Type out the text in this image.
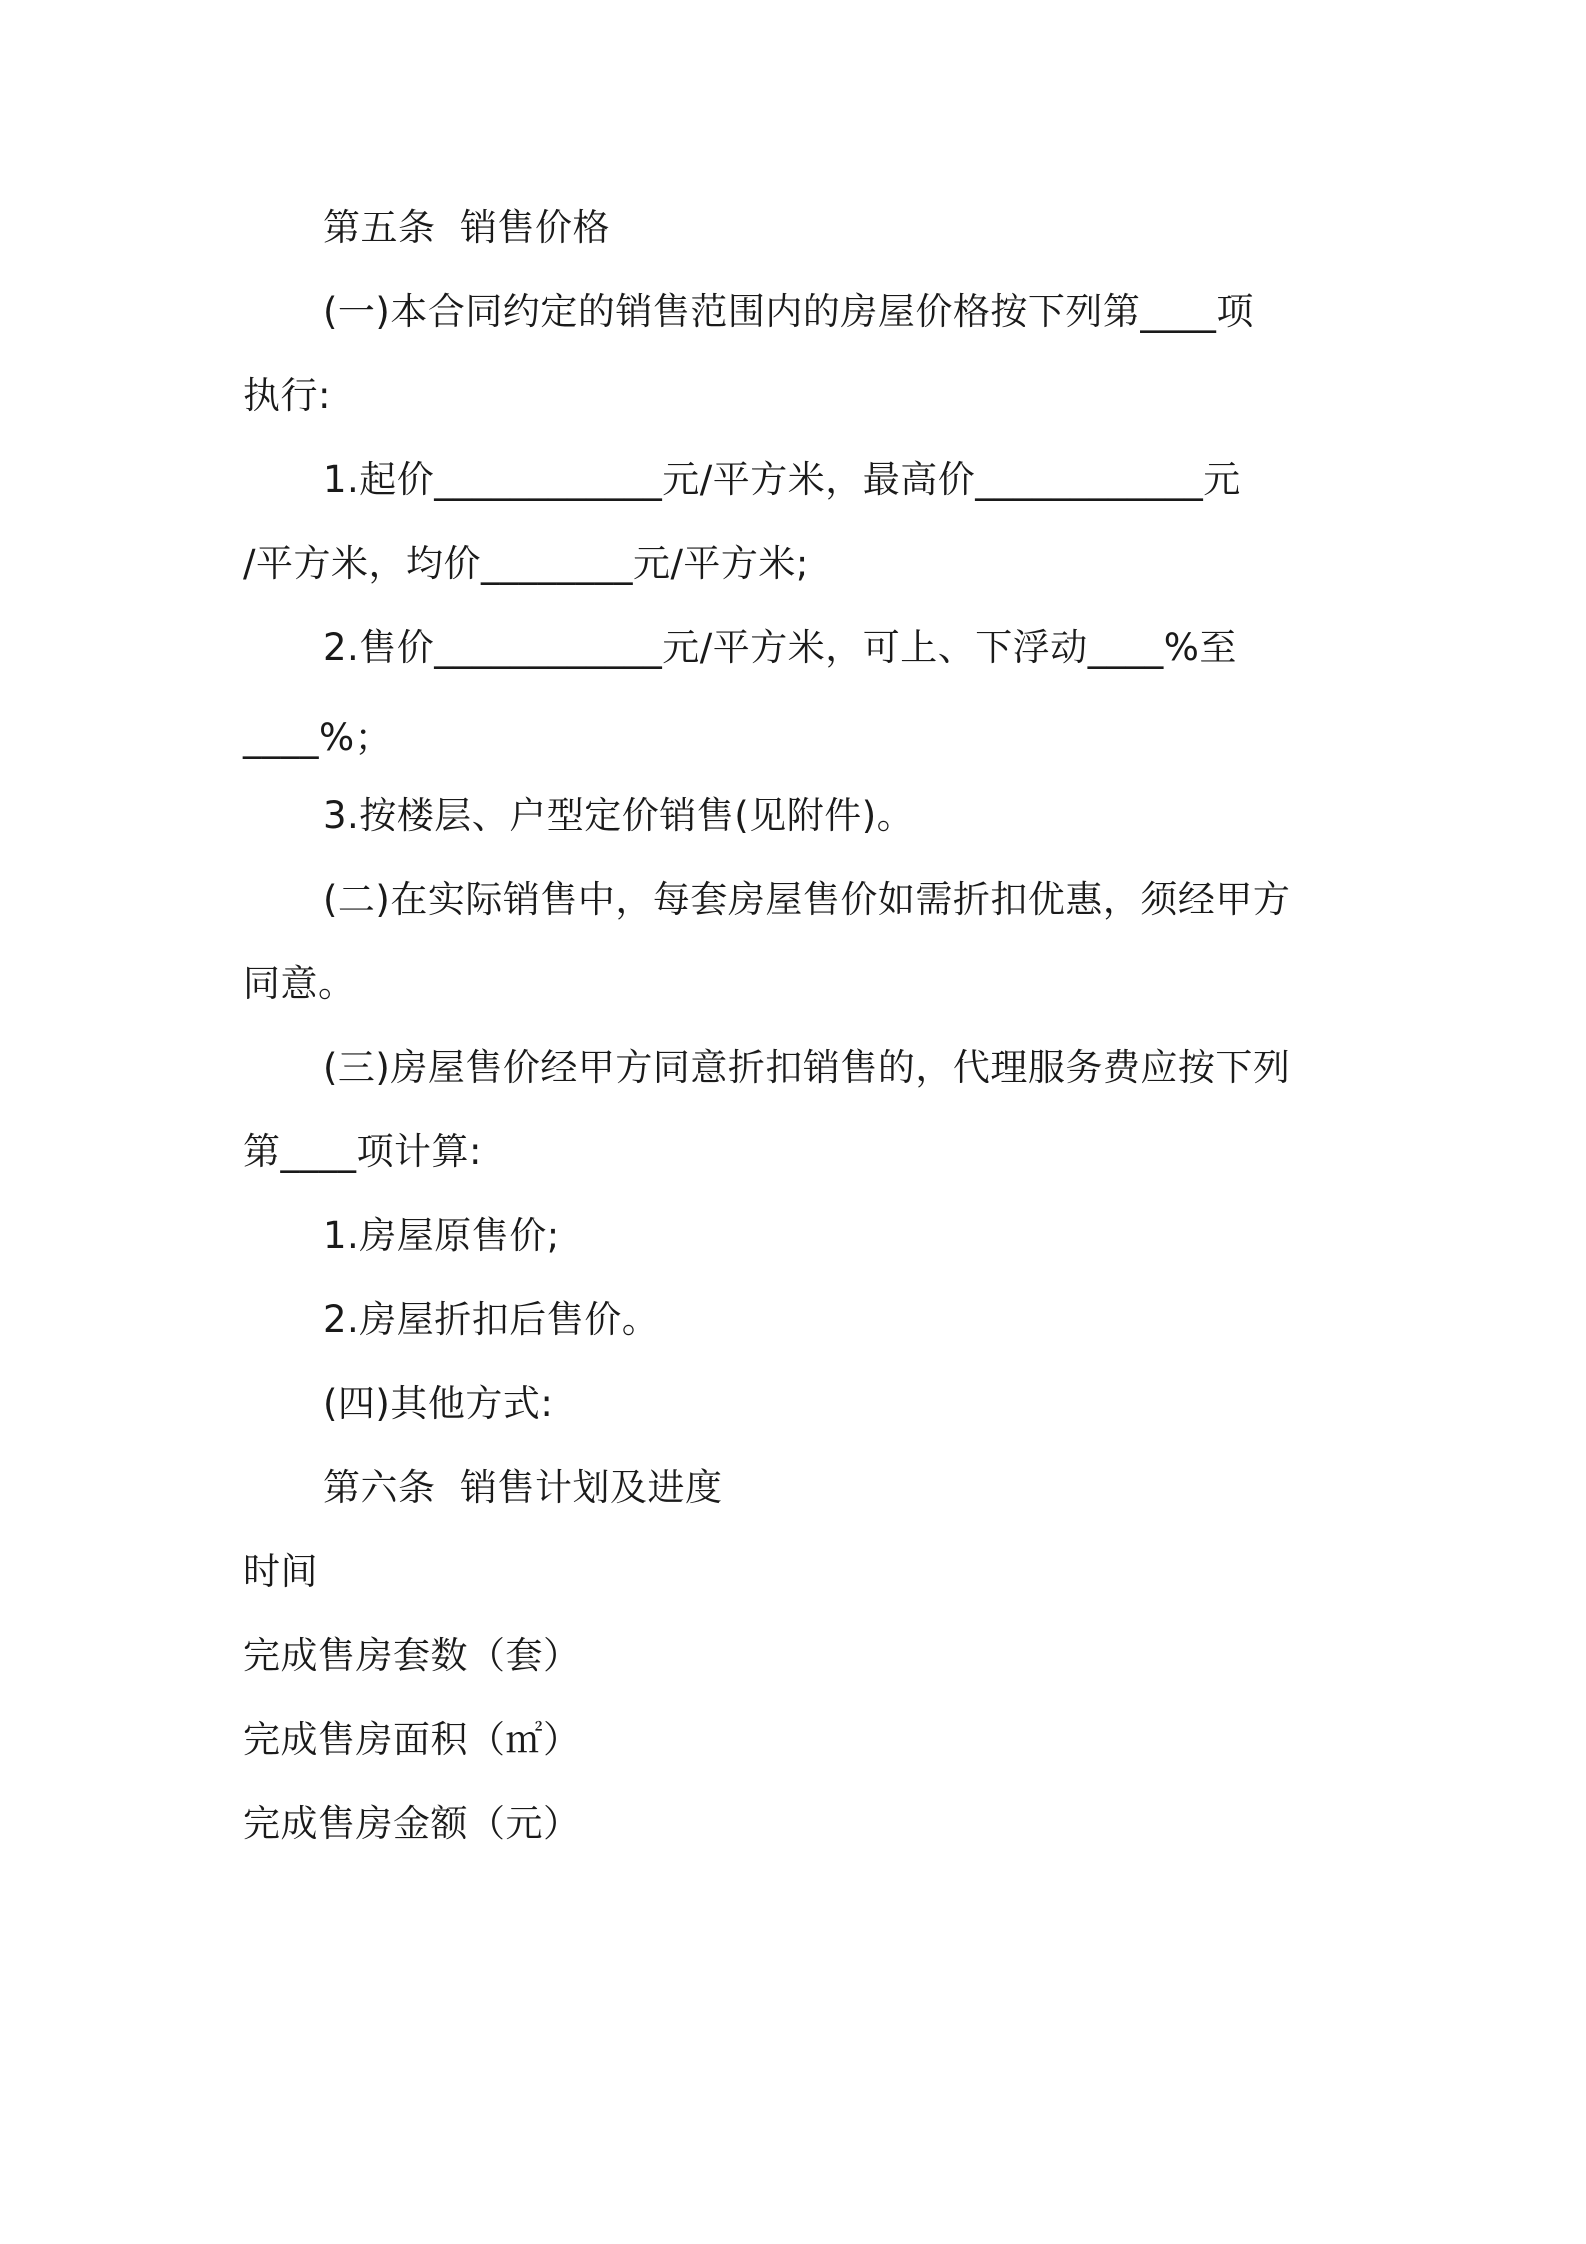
第五条  销售价格
(一)本合同约定的销售范围内的房屋价格按下列第____项
执行:
1.起价____________元/平方米，最高价____________元
/平方米，均价________元/平方米;
2.售价____________元/平方米，可上、下浮动____%至
____%；
3.按楼层、户型定价销售(见附件)。
(二)在实际销售中，每套房屋售价如需折扣优惠，须经甲方
同意。
(三)房屋售价经甲方同意折扣销售的，代理服务费应按下列
第____项计算:
1.房屋原售价;
2.房屋折扣后售价。
(四)其他方式:
第六条  销售计划及进度
时间
完成售房套数（套）
完成售房面积（㎡）
完成售房金额（元）
